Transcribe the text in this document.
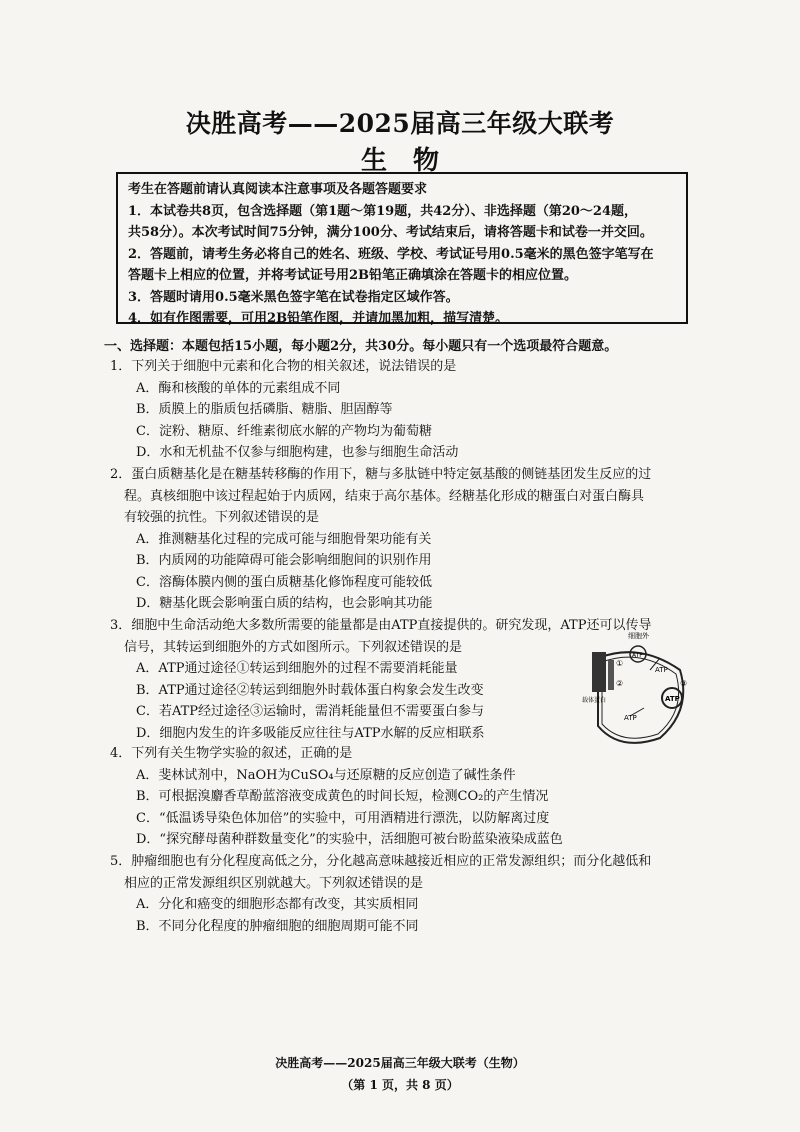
决胜高考——2025届高三年级大联考
生物

考生在答题前请认真阅读本注意事项及各题答题要求

1．本试卷共8页，包含选择题（第1题～第19题，共42分）、非选择题（第20～24题，

共58分）。本次考试时间75分钟，满分100分、考试结束后，请将答题卡和试卷一并交回。

2．答题前，请考生务必将自己的姓名、班级、学校、考试证号用0.5毫米的黑色签字笔写在

答题卡上相应的位置，并将考试证号用2B铅笔正确填涂在答题卡的相应位置。

3．答题时请用0.5毫米黑色签字笔在试卷指定区域作答。

4．如有作图需要，可用2B铅笔作图，并请加黑加粗，描写清楚。

一、选择题：本题包括15小题，每小题2分，共30分。每小题只有一个选项最符合题意。

1．下列关于细胞中元素和化合物的相关叙述，说法错误的是

A．酶和核酸的单体的元素组成不同

B．质膜上的脂质包括磷脂、糖脂、胆固醇等

C．淀粉、糖原、纤维素彻底水解的产物均为葡萄糖

D．水和无机盐不仅参与细胞构建，也参与细胞生命活动

2．蛋白质糖基化是在糖基转移酶的作用下，糖与多肽链中特定氨基酸的侧链基团发生反应的过

程。真核细胞中该过程起始于内质网，结束于高尔基体。经糖基化形成的糖蛋白对蛋白酶具

有较强的抗性。下列叙述错误的是

A．推测糖基化过程的完成可能与细胞骨架功能有关

B．内质网的功能障碍可能会影响细胞间的识别作用

C．溶酶体膜内侧的蛋白质糖基化修饰程度可能较低

D．糖基化既会影响蛋白质的结构，也会影响其功能

3．细胞中生命活动绝大多数所需要的能量都是由ATP直接提供的。研究发现，ATP还可以传导

信号，其转运到细胞外的方式如图所示。下列叙述错误的是

A．ATP通过途径①转运到细胞外的过程不需要消耗能量

B．ATP通过途径②转运到细胞外时载体蛋白构象会发生改变

C．若ATP经过途径③运输时，需消耗能量但不需要蛋白参与

D．细胞内发生的许多吸能反应往往与ATP水解的反应相联系

4．下列有关生物学实验的叙述，正确的是

A．斐林试剂中，NaOH为CuSO₄与还原糖的反应创造了碱性条件

B．可根据溴麝香草酚蓝溶液变成黄色的时间长短，检测CO₂的产生情况

C．“低温诱导染色体加倍”的实验中，可用酒精进行漂洗，以防解离过度

D．“探究酵母菌种群数量变化”的实验中，活细胞可被台盼蓝染液染成蓝色

5．肿瘤细胞也有分化程度高低之分，分化越高意味越接近相应的正常发源组织；而分化越低和

相应的正常发源组织区别就越大。下列叙述错误的是

A．分化和癌变的细胞形态都有改变，其实质相同

B．不同分化程度的肿瘤细胞的细胞周期可能不同

细胞外
ATP
ATP
ATP
ATP
载体蛋白
①
②	③
决胜高考——2025届高三年级大联考（生物）
（第 1 页，共 8 页）
